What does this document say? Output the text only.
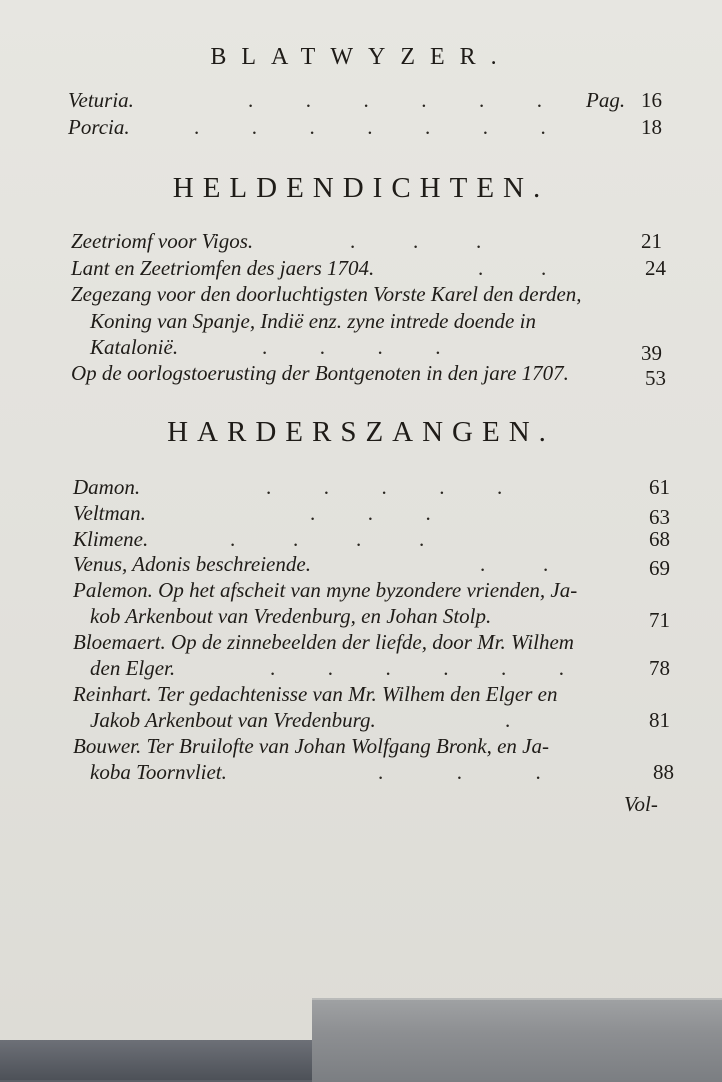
BLATWYZER.
Veturia.	.          .          .          .          .          . Pag. 16
Porcia.	.          .          .          .          .          .          .	18
HELDENDICHTEN.
Zeetriomf voor Vigos.	.           .           .	21
Lant en Zeetriomfen des jaers 1704.	.           .	24
Zegezang voor den doorluchtigsten Vorste Karel den derden,
Koning van Spanje, Indië enz. zyne intrede doende in
Katalonië.	.          .          .          .	39
Op de oorlogstoerusting der Bontgenoten in den jare 1707.	53
HARDERSZANGEN.
Damon.	.          .          .          .          .	61
Veltman.	.          .          .	63
Klimene.	.           .           .           .	68
Venus, Adonis beschreiende.	.           .	69
Palemon. Op het afscheit van myne byzondere vrienden, Ja-
kob Arkenbout van Vredenburg, en Johan Stolp.	71
Bloemaert. Op de zinnebeelden der liefde, door Mr. Wilhem
den Elger.	.          .          .          .          .          .	78
Reinhart. Ter gedachtenisse van Mr. Wilhem den Elger en
Jakob Arkenbout van Vredenburg.	.	81
Bouwer. Ter Bruilofte van Johan Wolfgang Bronk, en Ja-
koba Toornvliet.	.              .              .	88
Vol-
